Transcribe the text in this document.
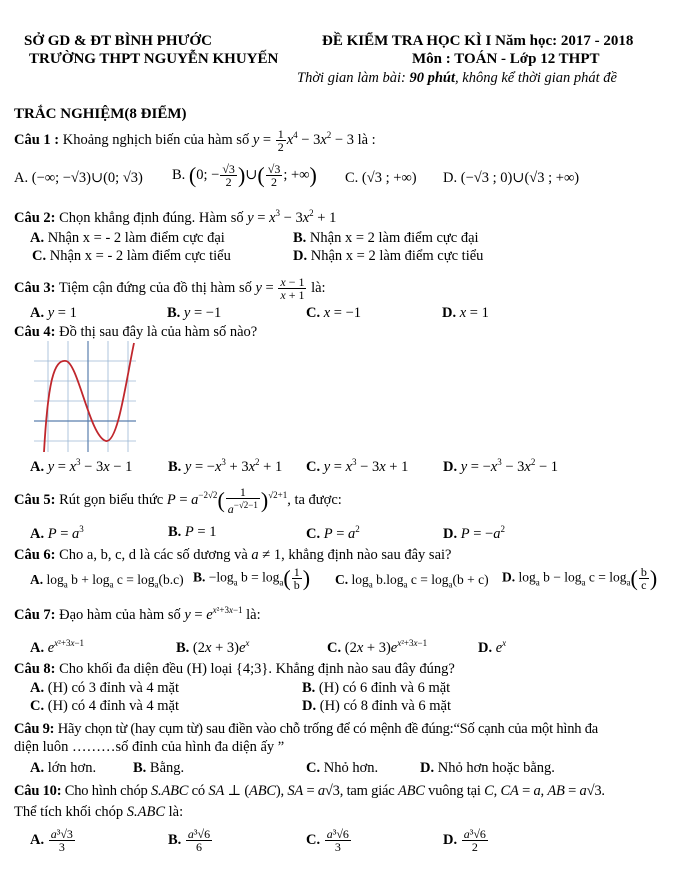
SỞ GD & ĐT BÌNH PHƯỚC	ĐỀ KIỂM TRA HỌC KÌ I Năm học: 2017 - 2018
TRƯỜNG THPT NGUYỄN KHUYẾN	Môn : TOÁN - Lớp 12 THPT
Thời gian làm bài: 90 phút, không kể thời gian phát đề
TRẮC NGHIỆM(8 ĐIỂM)
Câu 1 : Khoảng nghịch biến của hàm số $y = \frac{1}{2} x^4 - 3x^2 - 3$ là :
A. (−∞; −√3)∪(0; √3) B. (0; − $\frac{√3}{2}$ )∪( $\frac{√3}{2}$ ; +∞) C. (√3 ; +∞) D. (−√3 ; 0)∪(√3 ; +∞)
Câu 2: Chọn khẳng định đúng. Hàm số $y = x^3 - 3x^2 + 1$
A. Nhận x = - 2 làm điểm cực đại	B. Nhận x = 2 làm điểm cực đại
C. Nhận x = - 2 làm điểm cực tiểu	D. Nhận x = 2 làm điểm cực tiểu
Câu 3: Tiệm cận đứng của đồ thị hàm số $y = \frac{x - 1}{x + 1}$ là:
A. y = 1	B. y = −1	C. x = −1	D. x = 1
Câu 4: Đồ thị sau đây là của hàm số nào?
A. $y = x^3 - 3x - 1$ B. $y = -x^3 + 3x^2 + 1$ C. $y = x^3 - 3x + 1$ D. $y = -x^3 - 3x^2 - 1$
Câu 5: Rút gọn biểu thức $P = a^{-2√2}( \frac{1}{a^{-√2-1}} )^{√2+1}$, ta được:
A. $P = a^3$	B. P = 1	C. $P = a^2$	D. $P = -a^2$
Câu 6: Cho a, b, c, d là các số dương và a ≠ 1, khẳng định nào sau đây sai?
A. $\log_a b + \log_a c = \log_a(b.c)$ B. $-\log_a$ $b = \log_a( \frac{1}{b}$ ) C. $\log_a b.\log_a$ $c = \log_a(b + c)$ D. $\log_a b - \log_a c = \log_a( \frac{b}{c}$ )
Câu 7: Đạo hàm của hàm số $y = e^{x^2+3x-1}$ là:
A. $e^{x^2+3x-1}$	B. $(2x + 3)e^x$	C. $(2x + 3)e^{x^2+3x-1}$	D. $e^x$
Câu 8: Cho khối đa diện đều (H) loại {4;3}. Khẳng định nào sau đây đúng?
A. (H) có 3 đỉnh và 4 mặt	B. (H) có 6 đỉnh và 6 mặt
C. (H) có 4 đỉnh và 4 mặt	D. (H) có 8 đỉnh và 6 mặt
Câu 9: Hãy chọn từ (hay cụm từ) sau điền vào chỗ trống để có mệnh đề đúng:“Số cạnh của một hình đa
diện luôn ………số đỉnh của hình đa diện ấy ”
A. lớn hơn.	B. Bằng.	C. Nhỏ hơn.	D. Nhỏ hơn hoặc bằng.
Câu 10: Cho hình chóp S.ABC có SA ⊥ (ABC), SA = a√3, tam giác ABC vuông tại C, CA = a, AB = a√3.
Thể tích khối chóp S.ABC là:
A. $\frac{\text{a³√3}}{3}$	B. $\frac{\text{a³√6}}{6}$	C. $\frac{\text{a³√6}}{3}$	D. $\frac{\text{a³√6}}{2}$
